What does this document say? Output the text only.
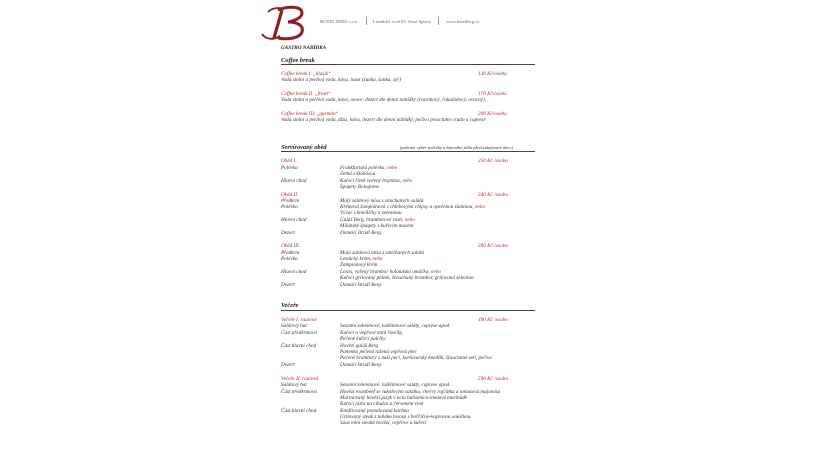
HOTEL BERG s.r.o.	Lázeňský vrch 82, Staré Splavy	www.hotelberg.cz
GASTRO NABÍDKA
Coffee break
Coffee break I. „klasik“	130 Kč/osoba
Voda stolní a perlivá voda, káva, toast (šunka, šunka, sýr)
Coffee break II. „fresh“	170 Kč/osoba
Voda stolní a perlivá voda, káva, ovoce, dezert dle denní nabídky (tvarohový, čokoládový, ovocný)
Coffee break III. „gurmán“	200 Kč/osoba
Voda stolní a perlivá voda, džus, káva, dezert dle denní nabídky, pečivo prosciutto crudo a caprese
Servírovaný oběd	(pokrmy výběr polévky a hlavního jídla před zahájením akce)
Oběd I.	250 Kč /osoba
Polévka	Frankfurtská polévka, nebo
Zelná s klobásou
Hlavní chod	Kuřecí řízek vařený brambor, nebo
Špagety Bolognese
Oběd II.	340 Kč /osoba
Předkrm	Malý salátový mísa s smíchaných salátů
Polévka	Krémová žampiónová s chlebovými chipsy a opečenou slaninou, nebo
Vývar s knedlíčky a zeleninou
Hlavní chod	Guláš Berg, bramborové rösti, nebo
Milánské špagety s kuřecím masem
Dezert	Domácí štrúdl Berg
Oběd III.	390 Kč /osoba
Předkrm	Malá salátová mísa s smíchaných salátů
Polévka	Lesnický krém, nebo
Žampionový krém
Hlavní chod	Losos, vařený brambor holandská omáčka, nebo
Kuřecí grilovaný plátek, šťouchaný brambor, grilovaná zelenina
Dezert	Domácí štrúdl Berg
Večeře
Večeře I. rautová	490 Kč /osoba
Salátový bar	Sezonní zeleninové, luštěninové saláty, caprese apod.
Část předkrmová	Kuřecí a vepřové mini řízečky,
Pečené kuřecí paličky
Část hlavní chod	Hovězí guláš Berg
Panenka pečená tažená vepřová plec
Pečené brambory s naší pecí, karlovarský knedlík, šťouchané zelí, pečivo
Dezert	Domácí štrúdl Berg
Večeře II. rautová	590 Kč /osoba
Salátový bar	Sezonní zeleninové, luštěninové saláty, caprese apod.
Část předkrmová	Hovězí roastbeef se rukolovým salátku, cherry rajčátka a tomatová majonéza
Marinovaný hovězí jazyk v octu balsamico-medové marinádě
Kuřecí játra na cibulce a červeném víně
Část hlavní chod	Konfitovaná pomalovaná kachna
Grilovaný steak z tuňáku lososa s hořčično-koprovou omáčkou
Sous mini steaků hovězí, vepřové a kuřecí
